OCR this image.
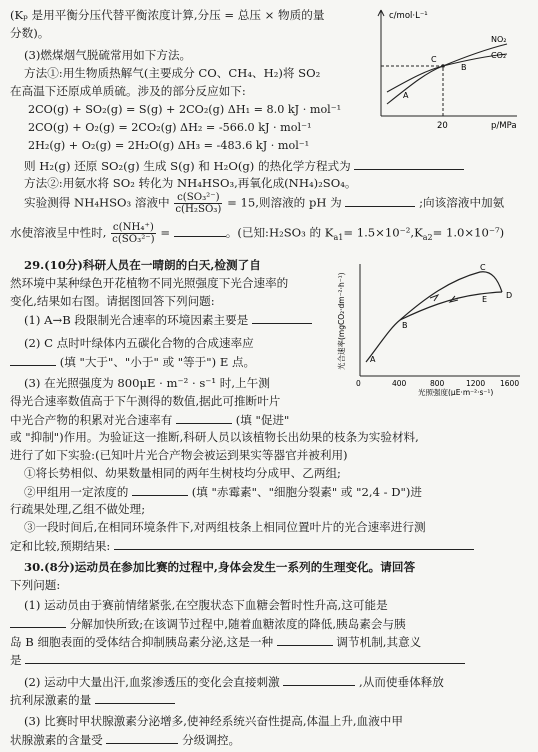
(Kₚ 是用平衡分压代替平衡浓度计算,分压 = 总压 × 物质的量
分数)。
(3)燃煤烟气脱硫常用如下方法。
方法①:用生物质热解气(主要成分 CO、CH₄、H₂)将 SO₂
在高温下还原成单质硫。涉及的部分反应如下:
2CO(g) + SO₂(g) = S(g) + 2CO₂(g) ΔH₁ = 8.0 kJ · mol⁻¹
2CO(g) + O₂(g) = 2CO₂(g) ΔH₂ = -566.0 kJ · mol⁻¹
2H₂(g) + O₂(g) = 2H₂O(g) ΔH₃ = -483.6 kJ · mol⁻¹
则 H₂(g) 还原 SO₂(g) 生成 S(g) 和 H₂O(g) 的热化学方程式为
方法②:用氨水将 SO₂ 转化为 NH₄HSO₃,再氧化成(NH₄)₂SO₄。
实验测得 NH₄HSO₃ 溶液中 $\frac{\text{c(SO₃²⁻)}}{\text{c(H₂SO₃)}} = 15$,则溶液的 pH 为	;向该溶液中加氨
水使溶液呈中性时, $\frac{\text{c(NH₄⁺)}}{\text{c(SO₃²⁻)}}$ =	。(已知:H₂SO₃ 的 $K_{a1}= 1.5\times 10^{-2},K_{a2}= 1.0\times 10^{-7}$)
c/mol·L⁻¹
p/MPa
20
NO₂
CO₂
A
B
C
29.(10分)科研人员在一晴朗的白天,检测了自
然环境中某种绿色开花植物不同光照强度下光合速率的
变化,结果如右图。请据图回答下列问题:
(1) A→B 段限制光合速率的环境因素主要是
(2) C 点时叶绿体内五碳化合物的合成速率应
(填 "大于"、"小于" 或 "等于") E 点。
(3) 在光照强度为 800μE · m⁻² · s⁻¹ 时,上午测
得光合速率数值高于下午测得的数值,据此可推断叶片
中光合产物的积累对光合速率有	(填 "促进"
或 "抑制")作用。为验证这一推断,科研人员以该植物长出幼果的枝条为实验材料,
进行了如下实验:(已知叶片光合产物会被运到果实等器官并被利用)
①将长势相似、幼果数量相同的两年生树枝均分成甲、乙两组;
②甲组用一定浓度的	(填 "赤霉素"、"细胞分裂素" 或 "2,4 - D")进
行疏果处理,乙组不做处理;
③一段时间后,在相同环境条件下,对两组枝条上相同位置叶片的光合速率进行测
定和比较,预期结果:
光合速率(mgCO₂·dm⁻²·h⁻¹)
0	400	800	1200 1600
光照强度(μE·m⁻²·s⁻¹)
A
B
C
D
E
30.(8分)运动员在参加比赛的过程中,身体会发生一系列的生理变化。请回答
下列问题:
(1) 运动员由于赛前情绪紧张,在空腹状态下血糖会暂时性升高,这可能是
分解加快所致;在该调节过程中,随着血糖浓度的降低,胰岛素会与胰
岛 B 细胞表面的受体结合抑制胰岛素分泌,这是一种	调节机制,其意义
是
(2) 运动中大量出汗,血浆渗透压的变化会直接刺激	,从而使垂体释放
抗利尿激素的量
(3) 比赛时甲状腺激素分泌增多,使神经系统兴奋性提高,体温上升,血液中甲
状腺激素的含量受	分级调控。
